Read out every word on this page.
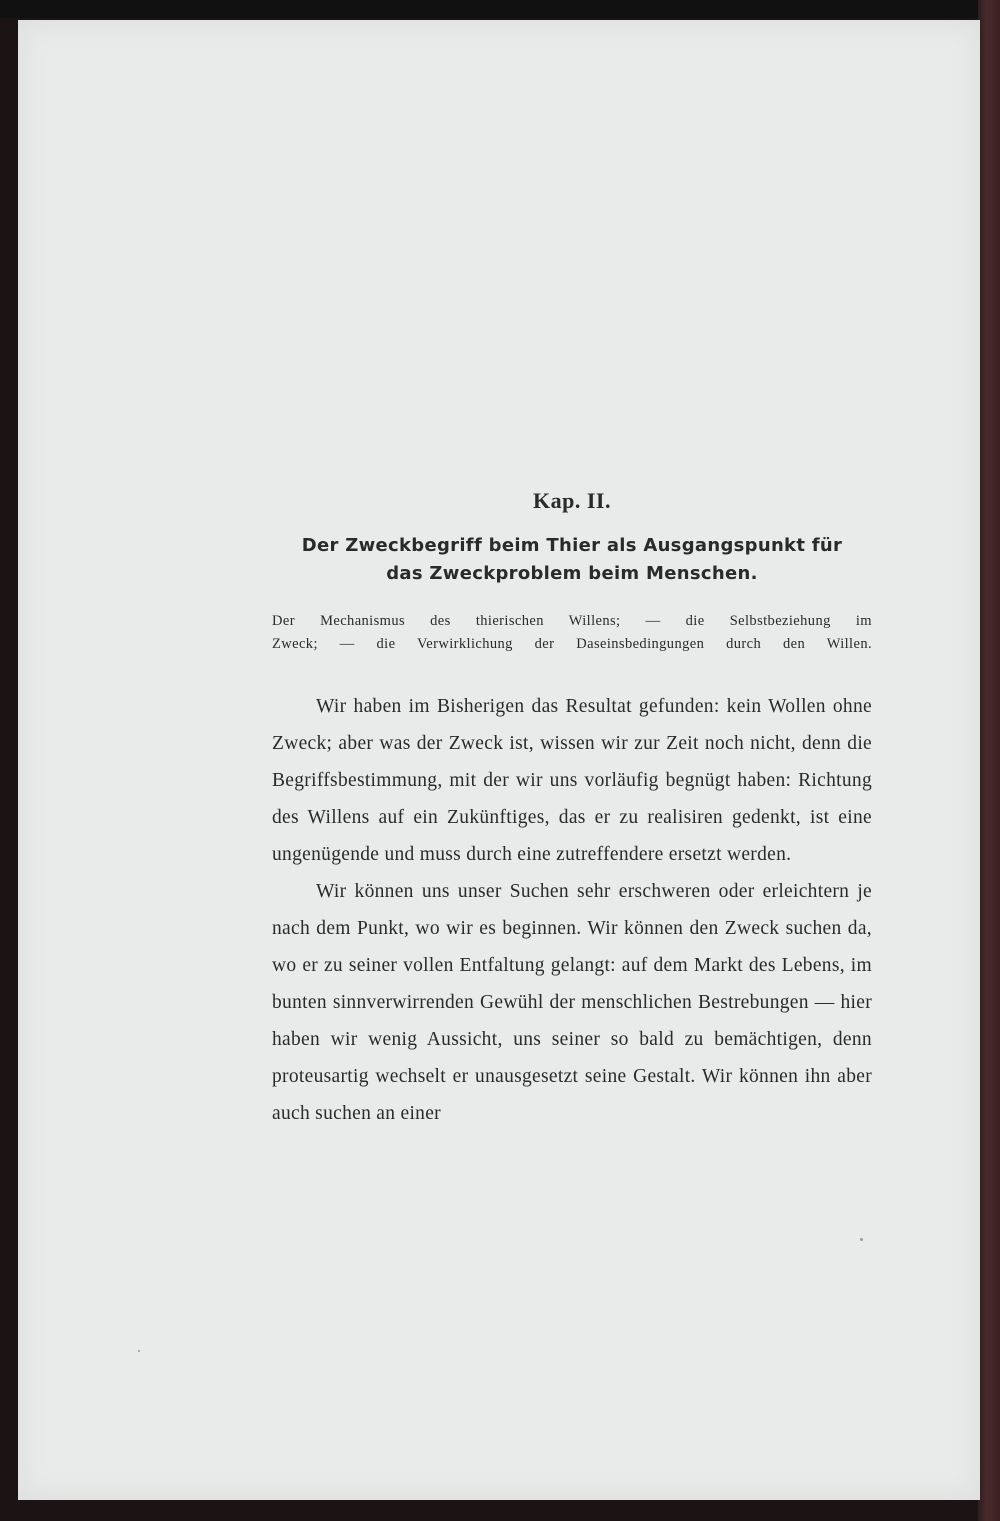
Kap. II.

Der Zweckbegriff beim Thier als Ausgangspunkt für

das Zweckproblem beim Menschen.

Der Mechanismus des thierischen Willens; — die Selbstbeziehung im
Zweck; — die Verwirklichung der Daseinsbedingungen durch den Willen.

Wir haben im Bisherigen das Resultat gefunden: kein Wollen ohne Zweck; aber was der Zweck ist, wissen wir zur Zeit noch nicht, denn die Begriffsbestimmung, mit der wir uns vorläufig begnügt haben: Richtung des Willens auf ein Zukünftiges, das er zu realisiren gedenkt, ist eine ungenügende und muss durch eine zutreffendere ersetzt werden.

Wir können uns unser Suchen sehr erschweren oder erleichtern je nach dem Punkt, wo wir es beginnen. Wir können den Zweck suchen da, wo er zu seiner vollen Entfaltung gelangt: auf dem Markt des Lebens, im bunten sinnverwirrenden Gewühl der menschlichen Bestrebungen — hier haben wir wenig Aussicht, uns seiner so bald zu bemächtigen, denn proteusartig wechselt er unausgesetzt seine Gestalt. Wir können ihn aber auch suchen an einer
